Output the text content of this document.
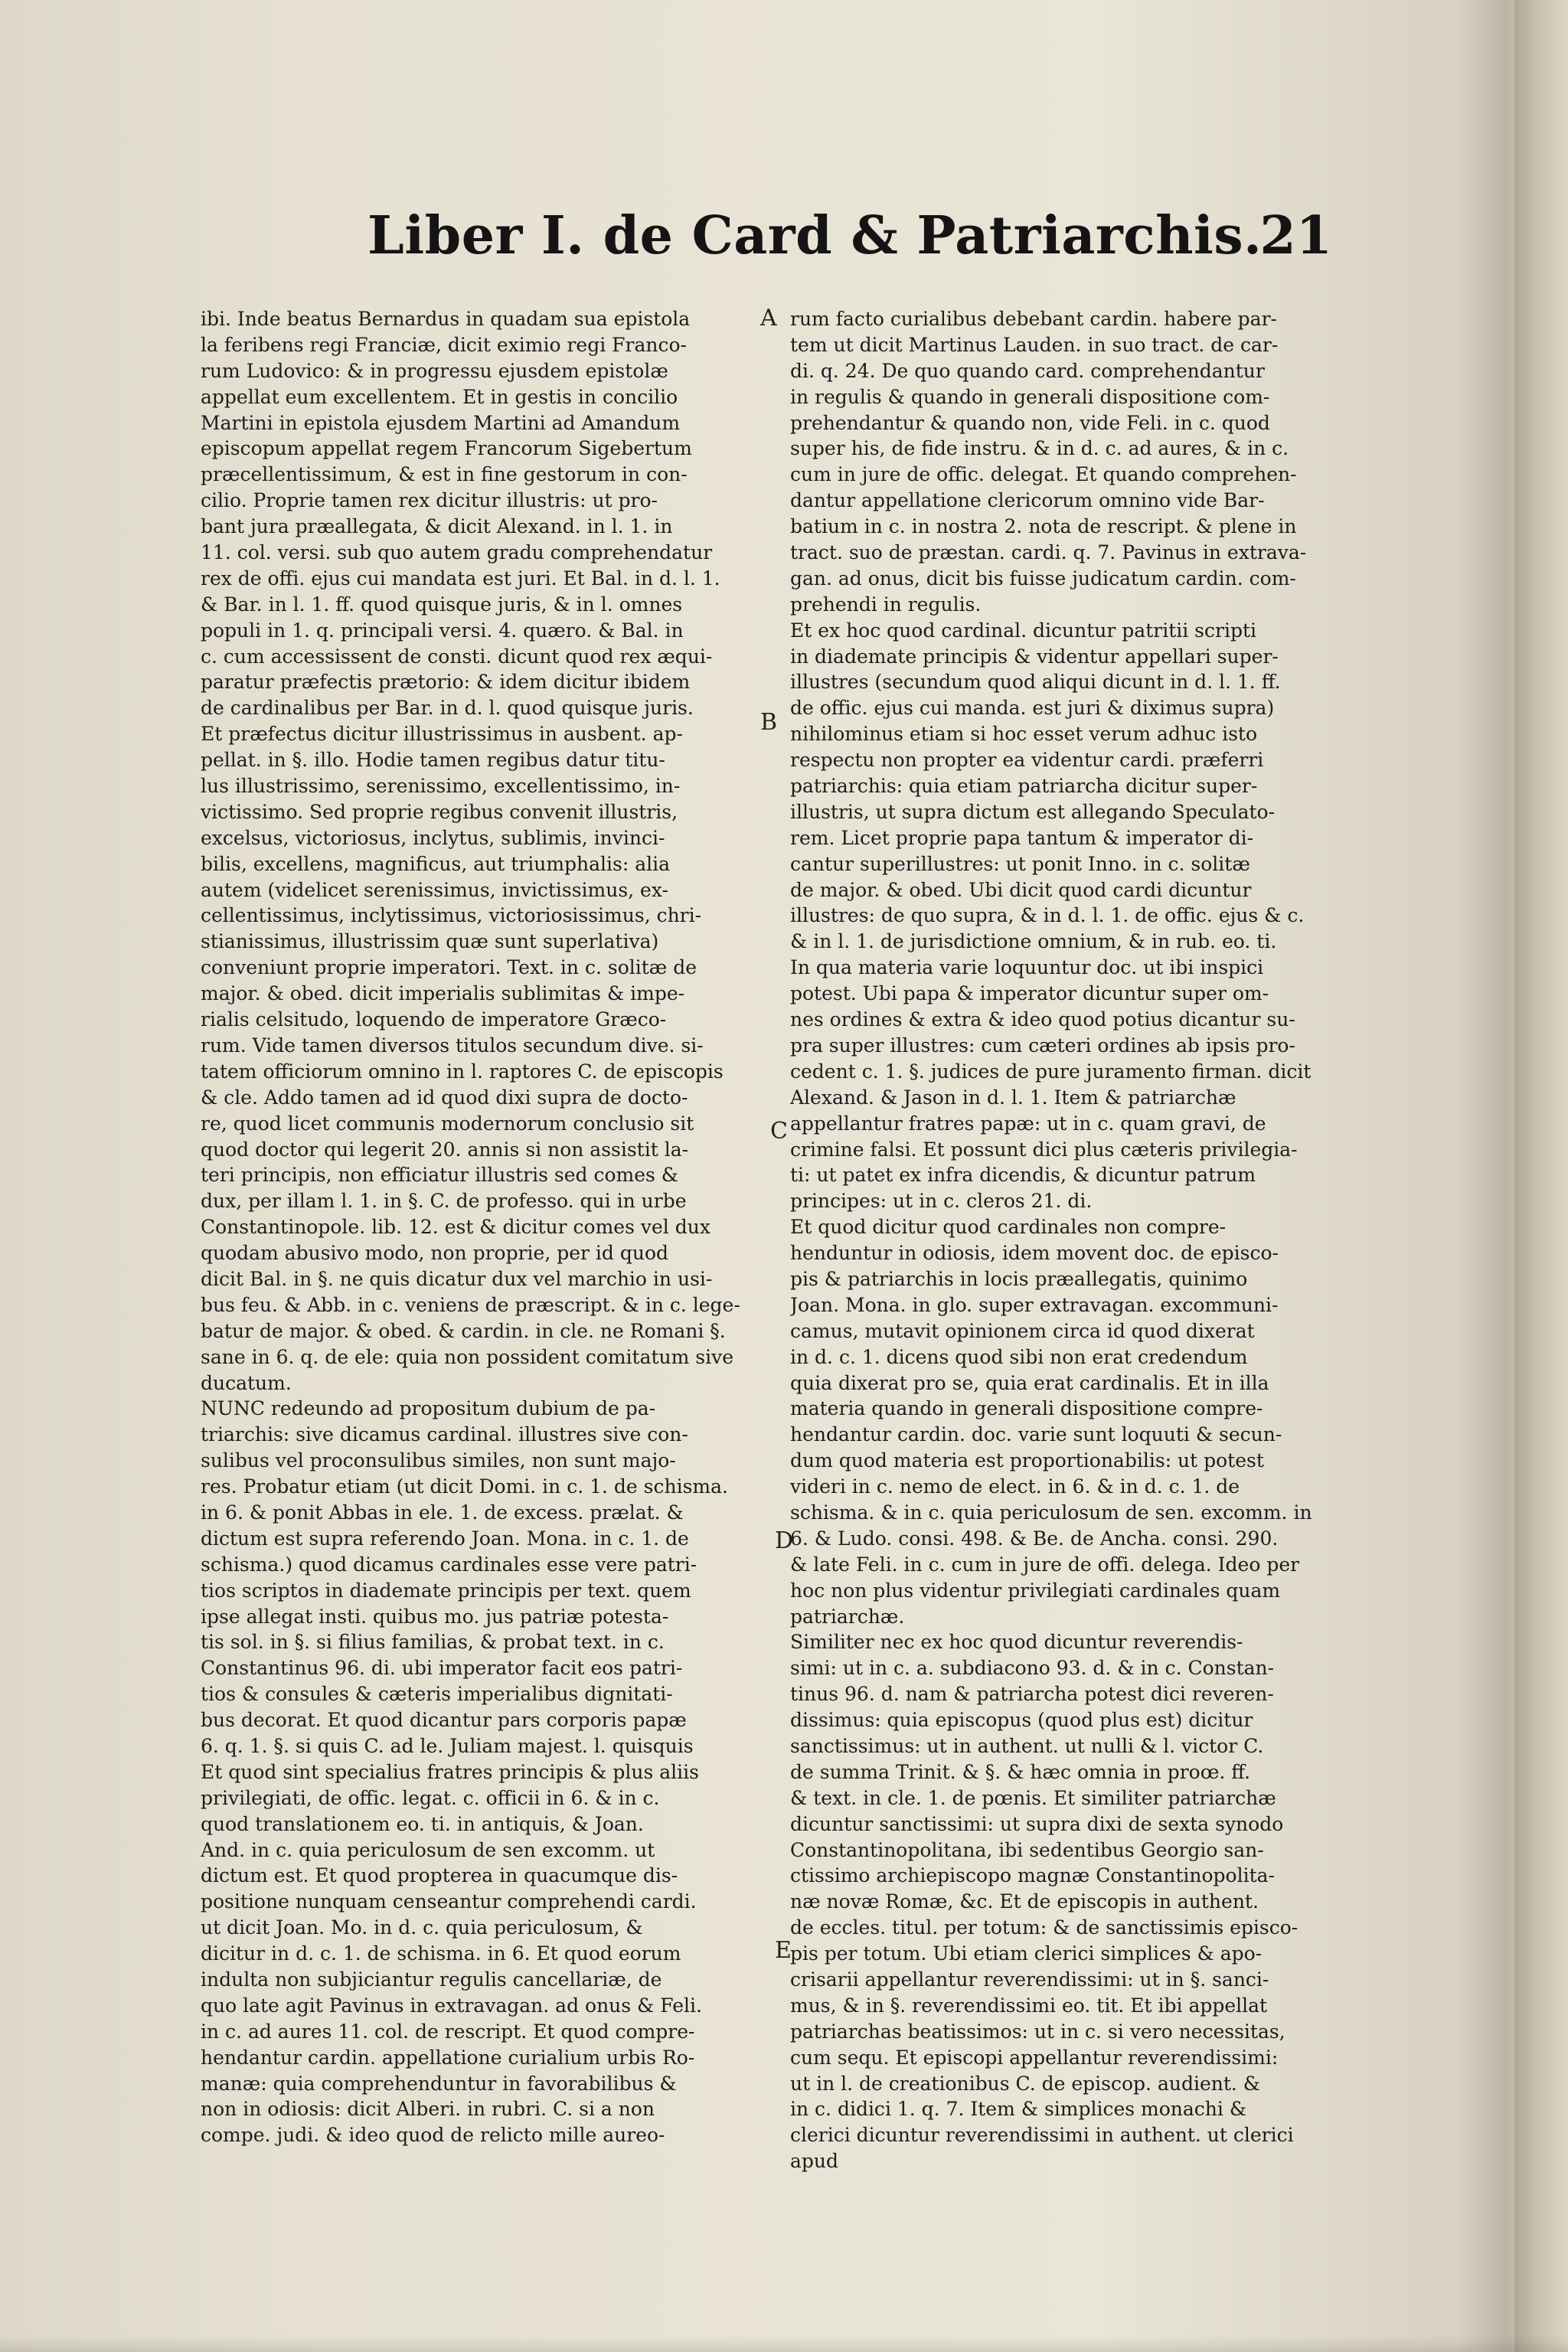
Liber I. de Card & Patriarchis.
21
ibi. Inde beatus Bernardus in quadam sua epistola
la feribens regi Franciæ, dicit eximio regi Franco-
rum Ludovico: & in progressu ejusdem epistolæ
appellat eum excellentem. Et in gestis in concilio
Martini in epistola ejusdem Martini ad Amandum
episcopum appellat regem Francorum Sigebertum
præcellentissimum, & est in fine gestorum in con-
cilio. Proprie tamen rex dicitur illustris: ut pro-
bant jura præallegata, & dicit Alexand. in l. 1. in
11. col. versi. sub quo autem gradu comprehendatur
rex de offi. ejus cui mandata est juri. Et Bal. in d. l. 1.
& Bar. in l. 1. ff. quod quisque juris, & in l. omnes
populi in 1. q. principali versi. 4. quæro. & Bal. in
c. cum accessissent de consti. dicunt quod rex æqui-
paratur præfectis prætorio: & idem dicitur ibidem
de cardinalibus per Bar. in d. l. quod quisque juris.
Et præfectus dicitur illustrissimus in ausbent. ap-
pellat. in §. illo. Hodie tamen regibus datur titu-
lus illustrissimo, serenissimo, excellentissimo, in-
victissimo. Sed proprie regibus convenit illustris,
excelsus, victoriosus, inclytus, sublimis, invinci-
bilis, excellens, magnificus, aut triumphalis: alia
autem (videlicet serenissimus, invictissimus, ex-
cellentissimus, inclytissimus, victoriosissimus, chri-
stianissimus, illustrissim quæ sunt superlativa)
conveniunt proprie imperatori. Text. in c. solitæ de
major. & obed. dicit imperialis sublimitas & impe-
rialis celsitudo, loquendo de imperatore Græco-
rum. Vide tamen diversos titulos secundum dive. si-
tatem officiorum omnino in l. raptores C. de episcopis
& cle. Addo tamen ad id quod dixi supra de docto-
re, quod licet communis modernorum conclusio sit
quod doctor qui legerit 20. annis si non assistit la-
teri principis, non efficiatur illustris sed comes &
dux, per illam l. 1. in §. C. de professo. qui in urbe
Constantinopole. lib. 12. est & dicitur comes vel dux
quodam abusivo modo, non proprie, per id quod
dicit Bal. in §. ne quis dicatur dux vel marchio in usi-
bus feu. & Abb. in c. veniens de præscript. & in c. lege-
batur de major. & obed. & cardin. in cle. ne Romani §.
sane in 6. q. de ele: quia non possident comitatum sive
ducatum.
NUNC redeundo ad propositum dubium de pa-
triarchis: sive dicamus cardinal. illustres sive con-
sulibus vel proconsulibus similes, non sunt majo-
res. Probatur etiam (ut dicit Domi. in c. 1. de schisma.
in 6. & ponit Abbas in ele. 1. de excess. prælat. &
dictum est supra referendo Joan. Mona. in c. 1. de
schisma.) quod dicamus cardinales esse vere patri-
tios scriptos in diademate principis per text. quem
ipse allegat insti. quibus mo. jus patriæ potesta-
tis sol. in §. si filius familias, & probat text. in c.
Constantinus 96. di. ubi imperator facit eos patri-
tios & consules & cæteris imperialibus dignitati-
bus decorat. Et quod dicantur pars corporis papæ
6. q. 1. §. si quis C. ad le. Juliam majest. l. quisquis
Et quod sint specialius fratres principis & plus aliis
privilegiati, de offic. legat. c. officii in 6. & in c.
quod translationem eo. ti. in antiquis, & Joan.
And. in c. quia periculosum de sen excomm. ut
dictum est. Et quod propterea in quacumque dis-
positione nunquam censeantur comprehendi cardi.
ut dicit Joan. Mo. in d. c. quia periculosum, &
dicitur in d. c. 1. de schisma. in 6. Et quod eorum
indulta non subjiciantur regulis cancellariæ, de
quo late agit Pavinus in extravagan. ad onus & Feli.
in c. ad aures 11. col. de rescript. Et quod compre-
hendantur cardin. appellatione curialium urbis Ro-
manæ: quia comprehenduntur in favorabilibus &
non in odiosis: dicit Alberi. in rubri. C. si a non
compe. judi. & ideo quod de relicto mille aureo-
rum facto curialibus debebant cardin. habere par-
tem ut dicit Martinus Lauden. in suo tract. de car-
di. q. 24. De quo quando card. comprehendantur
in regulis & quando in generali dispositione com-
prehendantur & quando non, vide Feli. in c. quod
super his, de fide instru. & in d. c. ad aures, & in c.
cum in jure de offic. delegat. Et quando comprehen-
dantur appellatione clericorum omnino vide Bar-
batium in c. in nostra 2. nota de rescript. & plene in
tract. suo de præstan. cardi. q. 7. Pavinus in extrava-
gan. ad onus, dicit bis fuisse judicatum cardin. com-
prehendi in regulis.
Et ex hoc quod cardinal. dicuntur patritii scripti
in diademate principis & videntur appellari super-
illustres (secundum quod aliqui dicunt in d. l. 1. ff.
de offic. ejus cui manda. est juri & diximus supra)
nihilominus etiam si hoc esset verum adhuc isto
respectu non propter ea videntur cardi. præferri
patriarchis: quia etiam patriarcha dicitur super-
illustris, ut supra dictum est allegando Speculato-
rem. Licet proprie papa tantum & imperator di-
cantur superillustres: ut ponit Inno. in c. solitæ
de major. & obed. Ubi dicit quod cardi dicuntur
illustres: de quo supra, & in d. l. 1. de offic. ejus & c.
& in l. 1. de jurisdictione omnium, & in rub. eo. ti.
In qua materia varie loquuntur doc. ut ibi inspici
potest. Ubi papa & imperator dicuntur super om-
nes ordines & extra & ideo quod potius dicantur su-
pra super illustres: cum cæteri ordines ab ipsis pro-
cedent c. 1. §. judices de pure juramento firman. dicit
Alexand. & Jason in d. l. 1. Item & patriarchæ
appellantur fratres papæ: ut in c. quam gravi, de
crimine falsi. Et possunt dici plus cæteris privilegia-
ti: ut patet ex infra dicendis, & dicuntur patrum
principes: ut in c. cleros 21. di.
Et quod dicitur quod cardinales non compre-
henduntur in odiosis, idem movent doc. de episco-
pis & patriarchis in locis præallegatis, quinimo
Joan. Mona. in glo. super extravagan. excommuni-
camus, mutavit opinionem circa id quod dixerat
in d. c. 1. dicens quod sibi non erat credendum
quia dixerat pro se, quia erat cardinalis. Et in illa
materia quando in generali dispositione compre-
hendantur cardin. doc. varie sunt loquuti & secun-
dum quod materia est proportionabilis: ut potest
videri in c. nemo de elect. in 6. & in d. c. 1. de
schisma. & in c. quia periculosum de sen. excomm. in
6. & Ludo. consi. 498. & Be. de Ancha. consi. 290.
& late Feli. in c. cum in jure de offi. delega. Ideo per
hoc non plus videntur privilegiati cardinales quam
patriarchæ.
Similiter nec ex hoc quod dicuntur reverendis-
simi: ut in c. a. subdiacono 93. d. & in c. Constan-
tinus 96. d. nam & patriarcha potest dici reveren-
dissimus: quia episcopus (quod plus est) dicitur
sanctissimus: ut in authent. ut nulli & l. victor C.
de summa Trinit. & §. & hæc omnia in proœ. ff.
& text. in cle. 1. de pœnis. Et similiter patriarchæ
dicuntur sanctissimi: ut supra dixi de sexta synodo
Constantinopolitana, ibi sedentibus Georgio san-
ctissimo archiepiscopo magnæ Constantinopolita-
næ novæ Romæ, &c. Et de episcopis in authent.
de eccles. titul. per totum: & de sanctissimis episco-
pis per totum. Ubi etiam clerici simplices & apo-
crisarii appellantur reverendissimi: ut in §. sanci-
mus, & in §. reverendissimi eo. tit. Et ibi appellat
patriarchas beatissimos: ut in c. si vero necessitas,
cum sequ. Et episcopi appellantur reverendissimi:
ut in l. de creationibus C. de episcop. audient. &
in c. didici 1. q. 7. Item & simplices monachi &
clerici dicuntur reverendissimi in authent. ut clerici
apud
A
B
C
D
E
